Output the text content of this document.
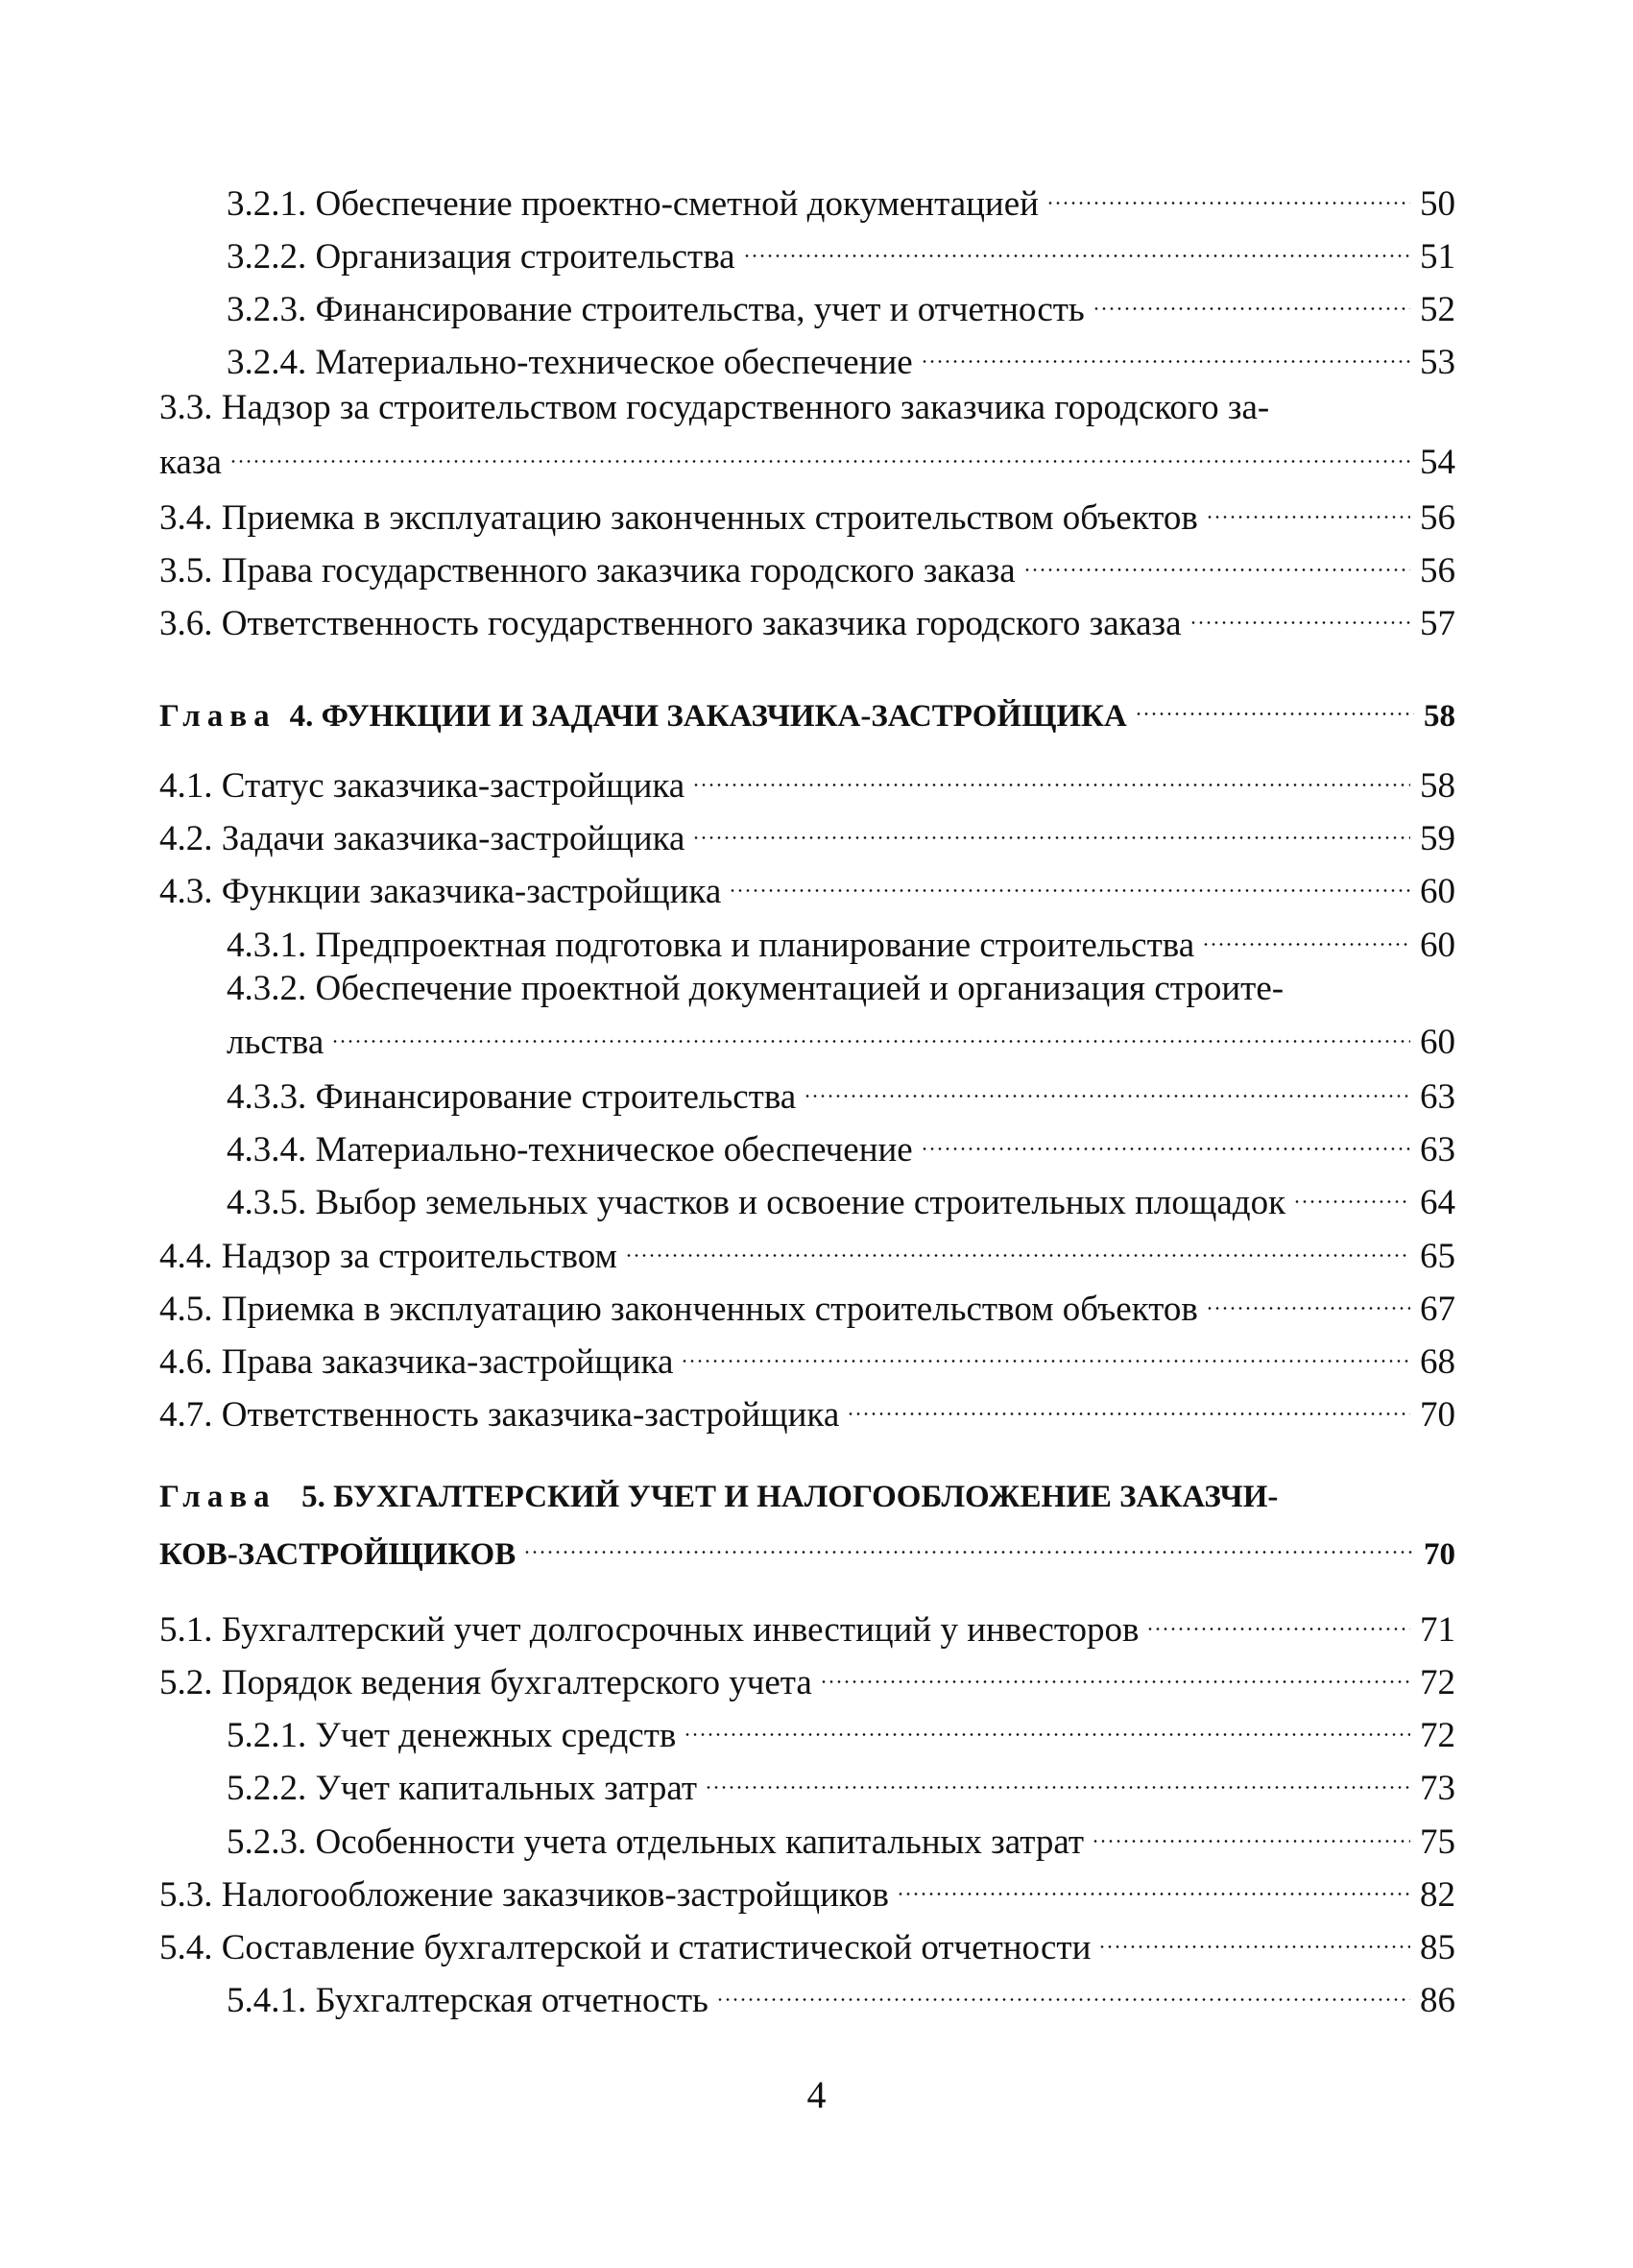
3.2.1. Обеспечение проектно-сметной документацией	50
3.2.2. Организация строительства	51
3.2.3. Финансирование строительства, учет и отчетность	52
3.2.4. Материально-техническое обеспечение	53
3.3. Надзор за строительством государственного заказчика городского за-
каза	54
3.4. Приемка в эксплуатацию законченных строительством объектов	56
3.5. Права государственного заказчика городского заказа	56
3.6. Ответственность государственного заказчика городского заказа	57
Глава 4. ФУНКЦИИ И ЗАДАЧИ ЗАКАЗЧИКА-ЗАСТРОЙЩИКА	58
4.1. Статус заказчика-застройщика	58
4.2. Задачи заказчика-застройщика	59
4.3. Функции заказчика-застройщика	60
4.3.1. Предпроектная подготовка и планирование строительства	60
4.3.2. Обеспечение проектной документацией и организация строите-
льства	60
4.3.3. Финансирование строительства	63
4.3.4. Материально-техническое обеспечение	63
4.3.5. Выбор земельных участков и освоение строительных площадок	64
4.4. Надзор за строительством	65
4.5. Приемка в эксплуатацию законченных строительством объектов	67
4.6. Права заказчика-застройщика	68
4.7. Ответственность заказчика-застройщика	70
Глава 5. БУХГАЛТЕРСКИЙ УЧЕТ И НАЛОГООБЛОЖЕНИЕ ЗАКАЗЧИ-
КОВ-ЗАСТРОЙЩИКОВ	70
5.1. Бухгалтерский учет долгосрочных инвестиций у инвесторов	71
5.2. Порядок ведения бухгалтерского учета	72
5.2.1. Учет денежных средств	72
5.2.2. Учет капитальных затрат	73
5.2.3. Особенности учета отдельных капитальных затрат	75
5.3. Налогообложение заказчиков-застройщиков	82
5.4. Составление бухгалтерской и статистической отчетности	85
5.4.1. Бухгалтерская отчетность	86
4
